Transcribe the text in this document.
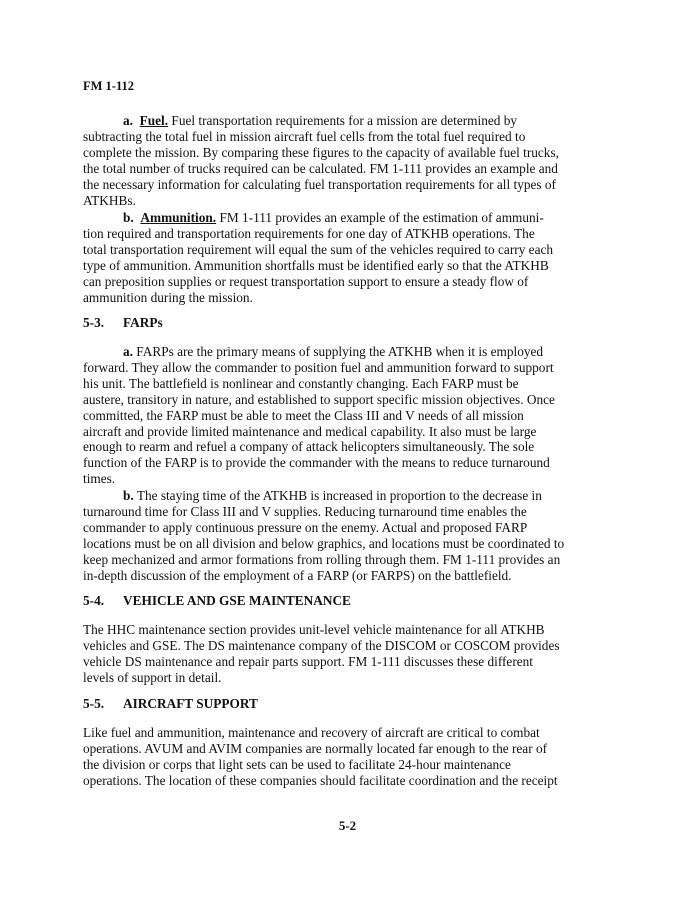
FM 1-112
a. Fuel. Fuel transportation requirements for a mission are determined by
subtracting the total fuel in mission aircraft fuel cells from the total fuel required to
complete the mission. By comparing these figures to the capacity of available fuel trucks,
the total number of trucks required can be calculated. FM 1-111 provides an example and
the necessary information for calculating fuel transportation requirements for all types of
ATKHBs.
b. Ammunition. FM 1-111 provides an example of the estimation of ammuni-
tion required and transportation requirements for one day of ATKHB operations. The
total transportation requirement will equal the sum of the vehicles required to carry each
type of ammunition. Ammunition shortfalls must be identified early so that the ATKHB
can preposition supplies or request transportation support to ensure a steady flow of
ammunition during the mission.
5-3. FARPs
a. FARPs are the primary means of supplying the ATKHB when it is employed
forward. They allow the commander to position fuel and ammunition forward to support
his unit. The battlefield is nonlinear and constantly changing. Each FARP must be
austere, transitory in nature, and established to support specific mission objectives. Once
committed, the FARP must be able to meet the Class III and V needs of all mission
aircraft and provide limited maintenance and medical capability. It also must be large
enough to rearm and refuel a company of attack helicopters simultaneously. The sole
function of the FARP is to provide the commander with the means to reduce turnaround
times.
b. The staying time of the ATKHB is increased in proportion to the decrease in
turnaround time for Class III and V supplies. Reducing turnaround time enables the
commander to apply continuous pressure on the enemy. Actual and proposed FARP
locations must be on all division and below graphics, and locations must be coordinated to
keep mechanized and armor formations from rolling through them. FM 1-111 provides an
in-depth discussion of the employment of a FARP (or FARPS) on the battlefield.
5-4. VEHICLE AND GSE MAINTENANCE
The HHC maintenance section provides unit-level vehicle maintenance for all ATKHB
vehicles and GSE. The DS maintenance company of the DISCOM or COSCOM provides
vehicle DS maintenance and repair parts support. FM 1-111 discusses these different
levels of support in detail.
5-5. AIRCRAFT SUPPORT
Like fuel and ammunition, maintenance and recovery of aircraft are critical to combat
operations. AVUM and AVIM companies are normally located far enough to the rear of
the division or corps that light sets can be used to facilitate 24-hour maintenance
operations. The location of these companies should facilitate coordination and the receipt
5-2
